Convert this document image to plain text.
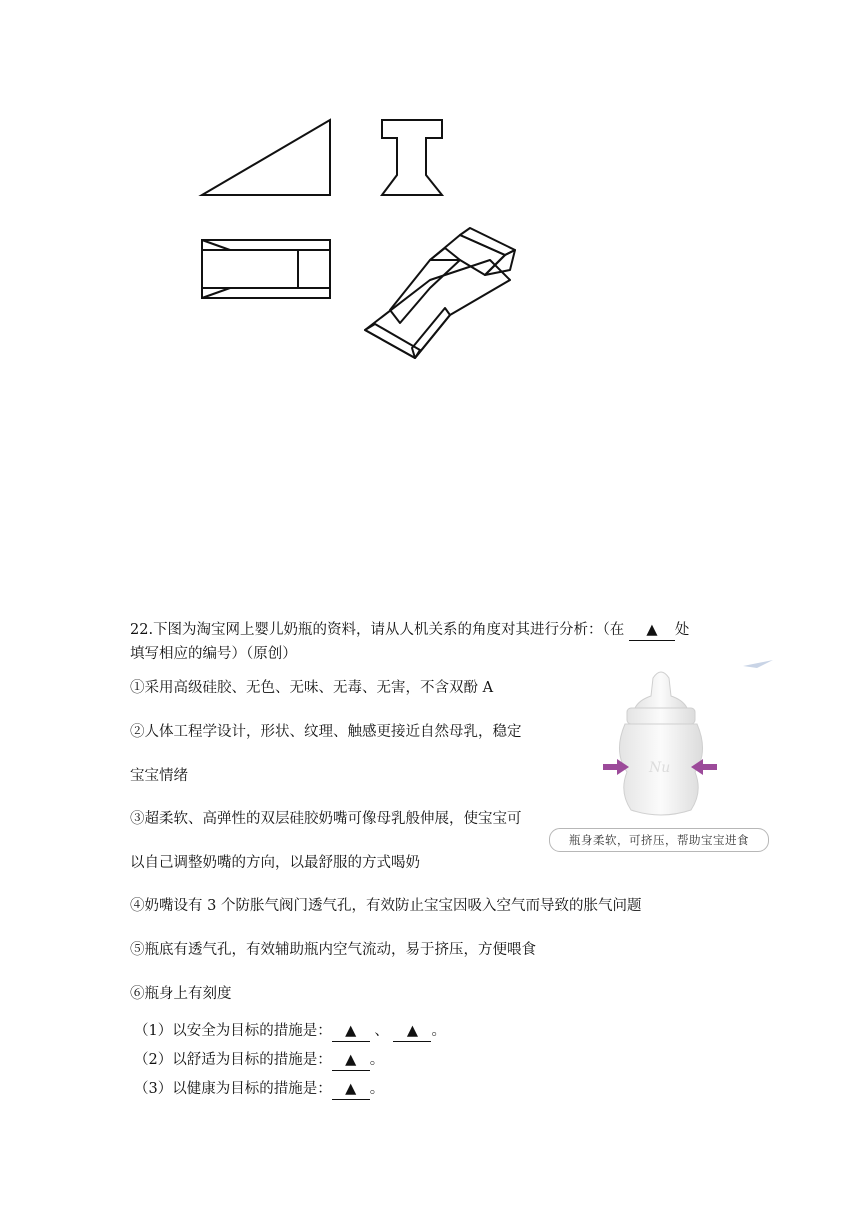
22.下图为淘宝网上婴儿奶瓶的资料，请从人机关系的角度对其进行分析：（在 ▲ 处
填写相应的编号）（原创）
①采用高级硅胶、无色、无味、无毒、无害，不含双酚 A
②人体工程学设计，形状、纹理、触感更接近自然母乳，稳定
宝宝情绪
③超柔软、高弹性的双层硅胶奶嘴可像母乳般伸展，使宝宝可
以自己调整奶嘴的方向，以最舒服的方式喝奶
④奶嘴设有 3 个防胀气阀门透气孔，有效防止宝宝因吸入空气而导致的胀气问题
⑤瓶底有透气孔，有效辅助瓶内空气流动，易于挤压，方便喂食
⑥瓶身上有刻度
Nu
瓶身柔软，可挤压，帮助宝宝进食
（1）以安全为目标的措施是： ▲ 、 ▲ 。
（2）以舒适为目标的措施是： ▲ 。
（3）以健康为目标的措施是： ▲ 。
